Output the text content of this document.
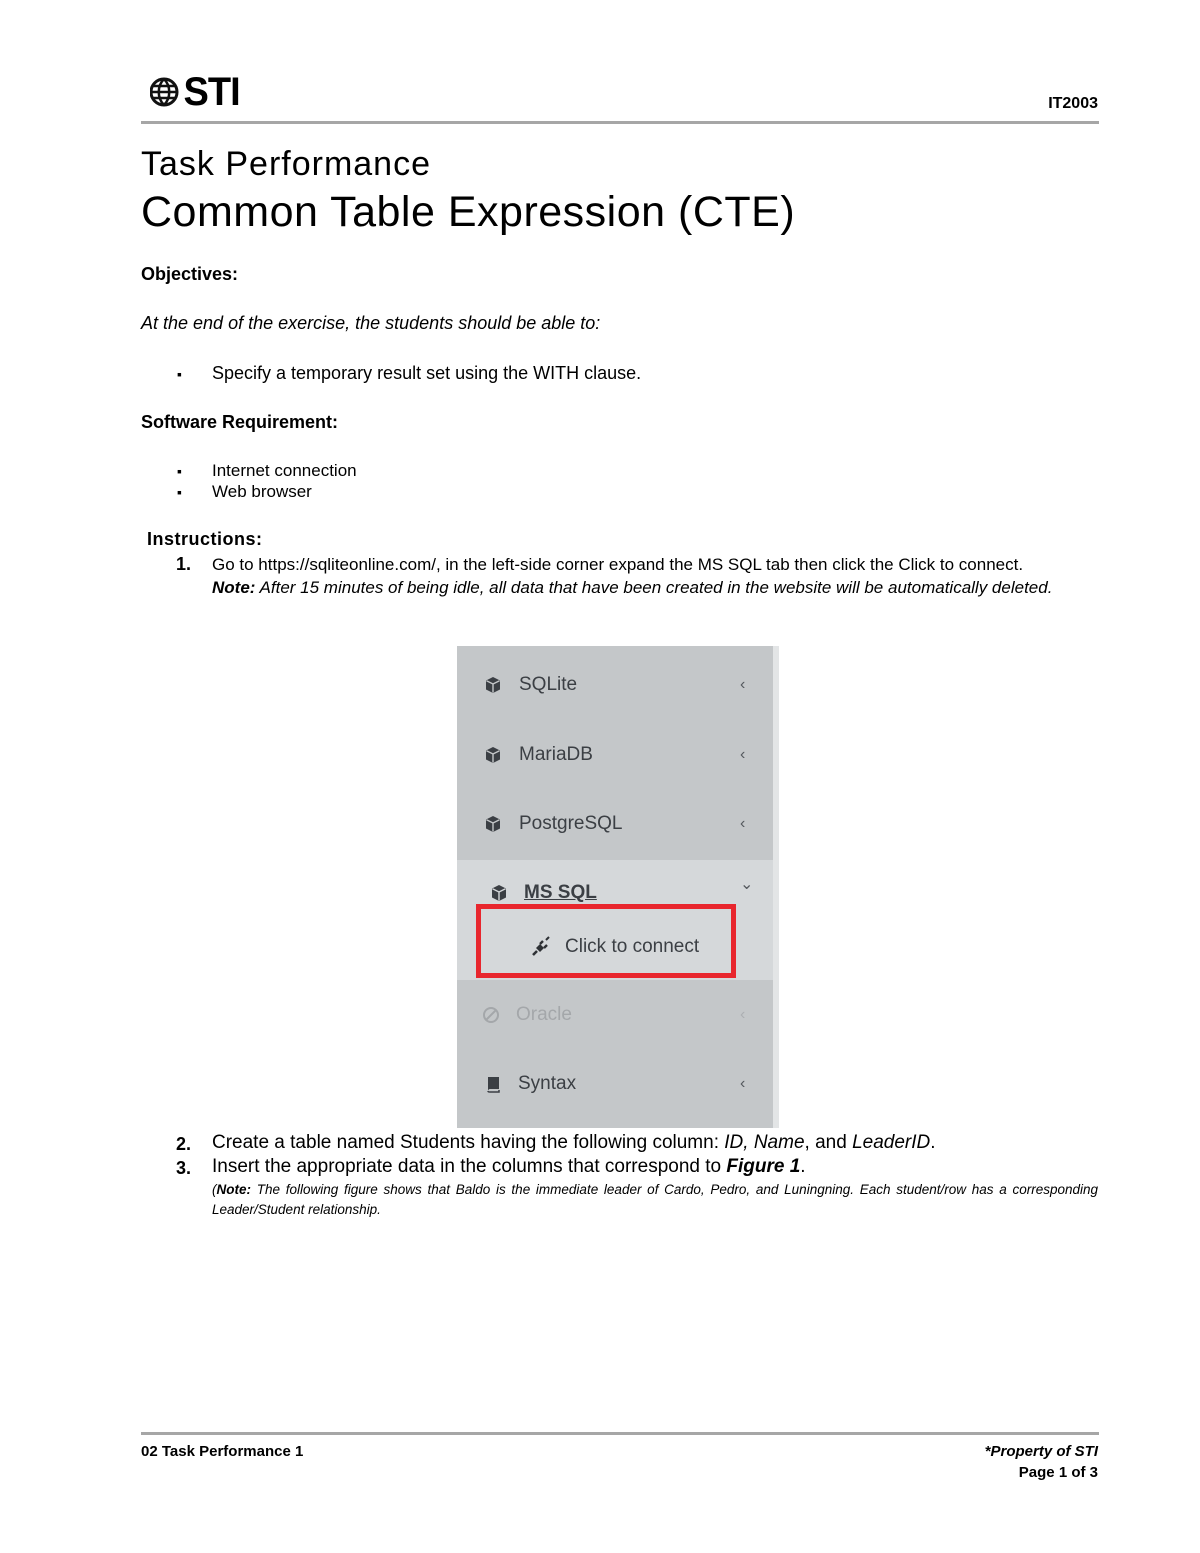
STI	IT2003
Task Performance
Common Table Expression (CTE)
Objectives:
At the end of the exercise, the students should be able to:
▪ Specify a temporary result set using the WITH clause.
Software Requirement:
▪ Internet connection
▪ Web browser
Instructions:
1. Go to https://sqliteonline.com/, in the left-side corner expand the MS SQL tab then click the Click to connect.
Note: After 15 minutes of being idle, all data that have been created in the website will be automatically deleted.
SQLite	‹
MariaDB	‹
PostgreSQL	‹
MS SQL	⌄
Click to connect
Oracle	‹
Syntax	‹
2. Create a table named Students having the following column: ID, Name, and LeaderID.
3. Insert the appropriate data in the columns that correspond to Figure 1.
(Note: The following figure shows that Baldo is the immediate leader of Cardo, Pedro, and Luningning. Each student/row has a corresponding Leader/Student relationship.
02 Task Performance 1	*Property of STI
Page 1 of 3
